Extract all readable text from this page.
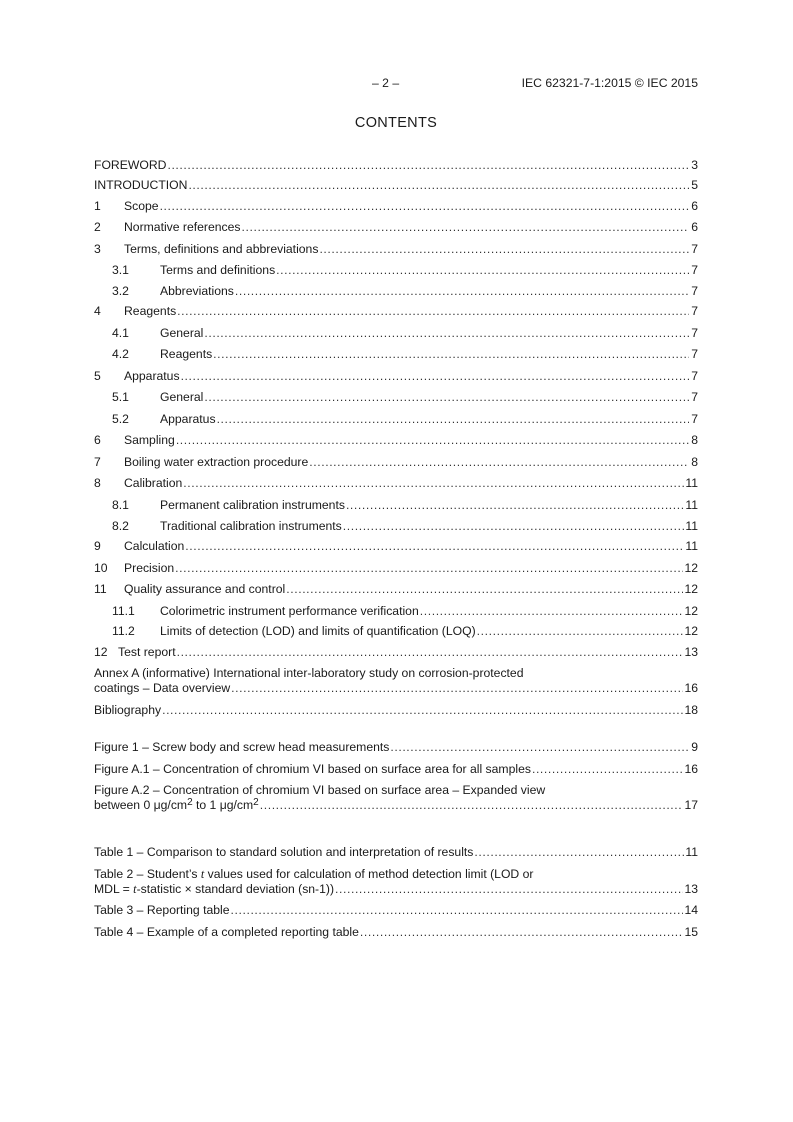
– 2 –	IEC 62321-7-1:2015 © IEC 2015
CONTENTS
FOREWORD .....	3
INTRODUCTION .....	5
1	Scope .....	6
2	Normative references .....	6
3	Terms, definitions and abbreviations .....	7
3.1	Terms and definitions .....	7
3.2	Abbreviations .....	7
4	Reagents .....	7
4.1	General .....	7
4.2	Reagents .....	7
5	Apparatus .....	7
5.1	General .....	7
5.2	Apparatus .....	7
6	Sampling .....	8
7	Boiling water extraction procedure .....	8
8	Calibration .....	11
8.1	Permanent calibration instruments .....	11
8.2	Traditional calibration instruments .....	11
9	Calculation .....	11
10	Precision .....	12
11	Quality assurance and control .....	12
11.1	Colorimetric instrument performance verification .....	12
11.2	Limits of detection (LOD) and limits of quantification (LOQ) .....	12
12 Test report .....	13
Annex A (informative) International inter-laboratory study on corrosion-protected
coatings – Data overview .....	16
Bibliography .....	18
Figure 1 – Screw body and screw head measurements .....	9
Figure A.1 – Concentration of chromium VI based on surface area for all samples .....	16
Figure A.2 – Concentration of chromium VI based on surface area – Expanded view
between 0 $\mu g/cm^2$ to 1 $\mu g/cm^2$ .....	17
Table 1 – Comparison to standard solution and interpretation of results .....	11
Table 2 – Student’s t values used for calculation of method detection limit (LOD or
MDL = t-statistic × standard deviation (sn-1)) .....	13
Table 3 – Reporting table .....	14
Table 4 – Example of a completed reporting table .....	15
